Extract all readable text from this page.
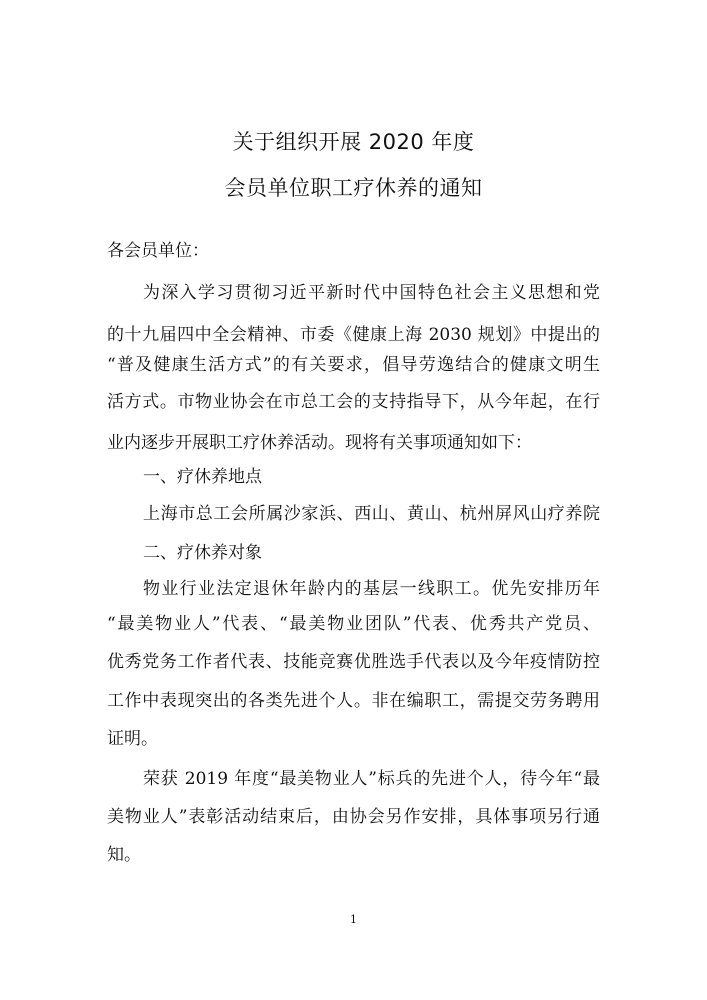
关于组织开展 2020 年度
会员单位职工疗休养的通知
各会员单位：
为深入学习贯彻习近平新时代中国特色社会主义思想和党
的十九届四中全会精神、市委《健康上海 2030 规划》中提出的
“普及健康生活方式”的有关要求，倡导劳逸结合的健康文明生
活方式。市物业协会在市总工会的支持指导下，从今年起，在行
业内逐步开展职工疗休养活动。现将有关事项通知如下：
一、疗休养地点
上海市总工会所属沙家浜、西山、黄山、杭州屏风山疗养院
二、疗休养对象
物业行业法定退休年龄内的基层一线职工。优先安排历年
“最美物业人”代表、“最美物业团队”代表、优秀共产党员、
优秀党务工作者代表、技能竞赛优胜选手代表以及今年疫情防控
工作中表现突出的各类先进个人。非在编职工，需提交劳务聘用
证明。
荣获 2019 年度“最美物业人”标兵的先进个人，待今年“最
美物业人”表彰活动结束后，由协会另作安排，具体事项另行通
知。
1
